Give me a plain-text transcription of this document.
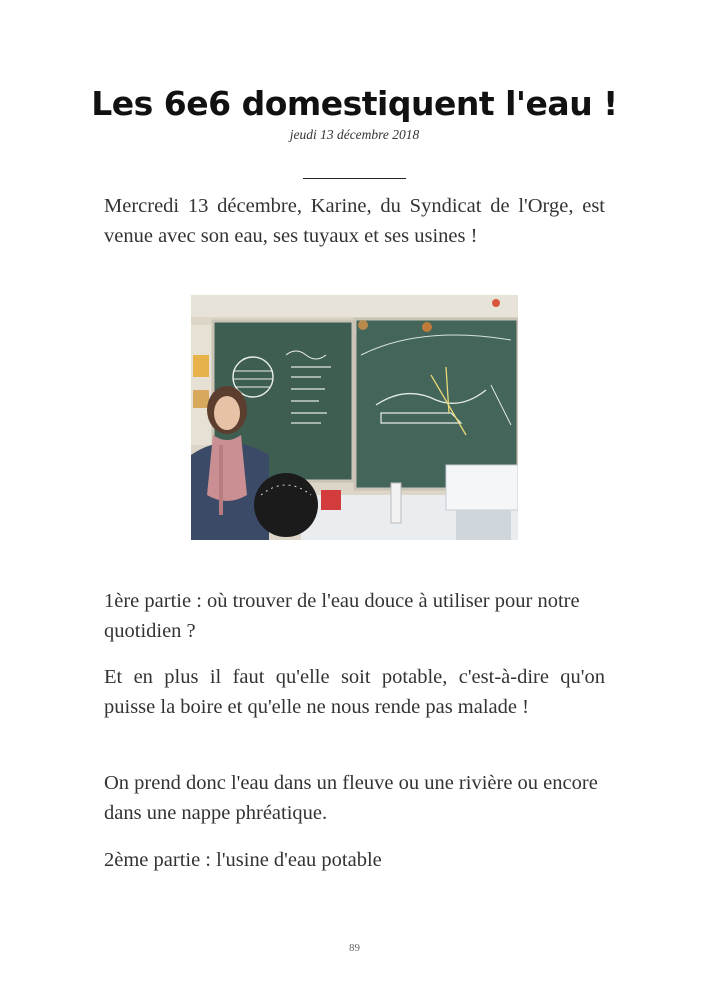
Les 6e6 domestiquent l'eau !
jeudi 13 décembre 2018

Mercredi 13 décembre, Karine, du Syndicat de l'Orge, est venue avec son eau, ses tuyaux et ses usines !

1ère partie : où trouver de l'eau douce à utiliser pour notre quotidien ?

Et en plus il faut qu'elle soit potable, c'est-à-dire qu'on puisse la boire et qu'elle ne nous rende pas malade !

On prend donc l'eau dans un fleuve ou une rivière ou encore dans une nappe phréatique.

2ème partie : l'usine d'eau potable

89
